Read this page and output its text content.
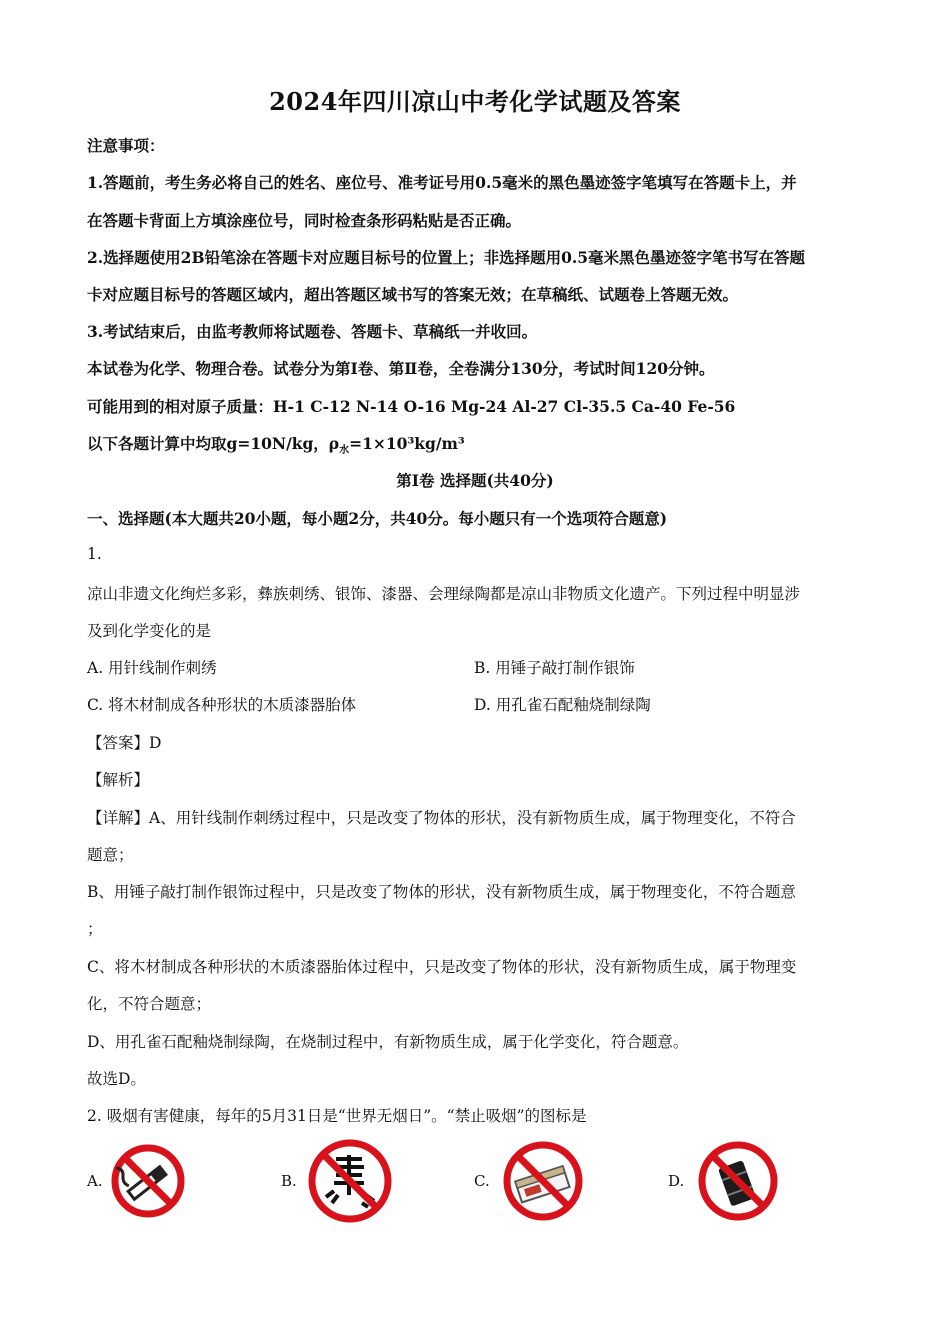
2024年四川凉山中考化学试题及答案
注意事项：
1.答题前，考生务必将自己的姓名、座位号、准考证号用0.5毫米的黑色墨迹签字笔填写在答题卡上，并
在答题卡背面上方填涂座位号，同时检查条形码粘贴是否正确。
2.选择题使用2B铅笔涂在答题卡对应题目标号的位置上；非选择题用0.5毫米黑色墨迹签字笔书写在答题
卡对应题目标号的答题区域内，超出答题区域书写的答案无效；在草稿纸、试题卷上答题无效。
3.考试结束后，由监考教师将试题卷、答题卡、草稿纸一并收回。
本试卷为化学、物理合卷。试卷分为第Ⅰ卷、第Ⅱ卷，全卷满分130分，考试时间120分钟。
可能用到的相对原子质量：H-1 C-12 N-14 O-16 Mg-24 Al-27 Cl-35.5 Ca-40 Fe-56
以下各题计算中均取g=10N/kg，$\rho_水=1\times 10^3kg/m^3$
第Ⅰ卷 选择题(共40分)
一、选择题(本大题共20小题，每小题2分，共40分。每小题只有一个选项符合题意)
1.
凉山非遗文化绚烂多彩，彝族刺绣、银饰、漆器、会理绿陶都是凉山非物质文化遗产。下列过程中明显涉
及到化学变化的是
A. 用针线制作刺绣	B. 用锤子敲打制作银饰
C. 将木材制成各种形状的木质漆器胎体	D. 用孔雀石配釉烧制绿陶
【答案】D
【解析】
【详解】A、用针线制作刺绣过程中，只是改变了物体的形状，没有新物质生成，属于物理变化，不符合
题意；
B、用锤子敲打制作银饰过程中，只是改变了物体的形状，没有新物质生成，属于物理变化，不符合题意
；
C、将木材制成各种形状的木质漆器胎体过程中，只是改变了物体的形状，没有新物质生成，属于物理变
化，不符合题意；
D、用孔雀石配釉烧制绿陶，在烧制过程中，有新物质生成，属于化学变化，符合题意。
故选D。
2. 吸烟有害健康，每年的5月31日是“世界无烟日”。“禁止吸烟”的图标是
A.	B.	C.	D.
